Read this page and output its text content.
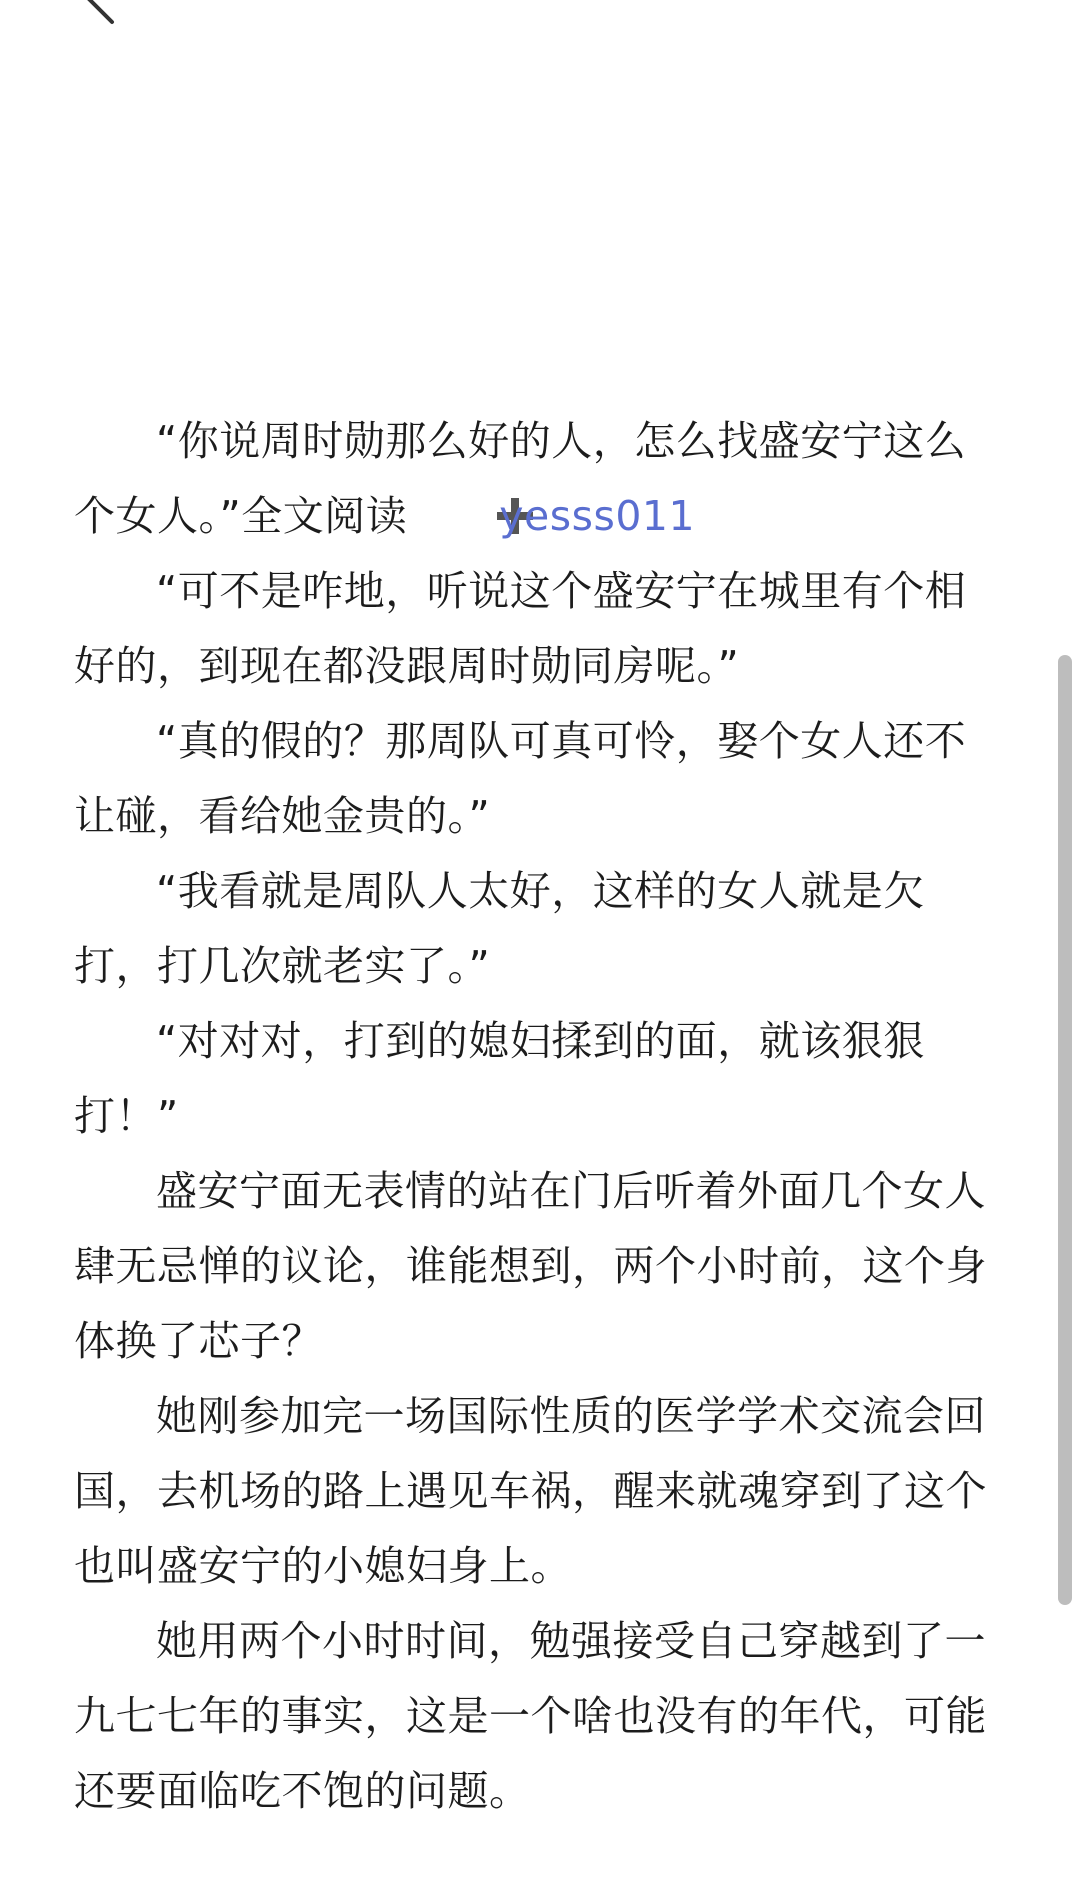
“你说周时勋那么好的人，怎么找盛安宁这么个女人。”全文阅读 yesss011

“可不是咋地，听说这个盛安宁在城里有个相好的，到现在都没跟周时勋同房呢。”

“真的假的？那周队可真可怜，娶个女人还不让碰，看给她金贵的。”

“我看就是周队人太好，这样的女人就是欠打，打几次就老实了。”

“对对对，打到的媳妇揉到的面，就该狠狠打！”

盛安宁面无表情的站在门后听着外面几个女人肆无忌惮的议论，谁能想到，两个小时前，这个身体换了芯子？

她刚参加完一场国际性质的医学学术交流会回国，去机场的路上遇见车祸，醒来就魂穿到了这个也叫盛安宁的小媳妇身上。

她用两个小时时间，勉强接受自己穿越到了一九七七年的事实，这是一个啥也没有的年代，可能还要面临吃不饱的问题。
